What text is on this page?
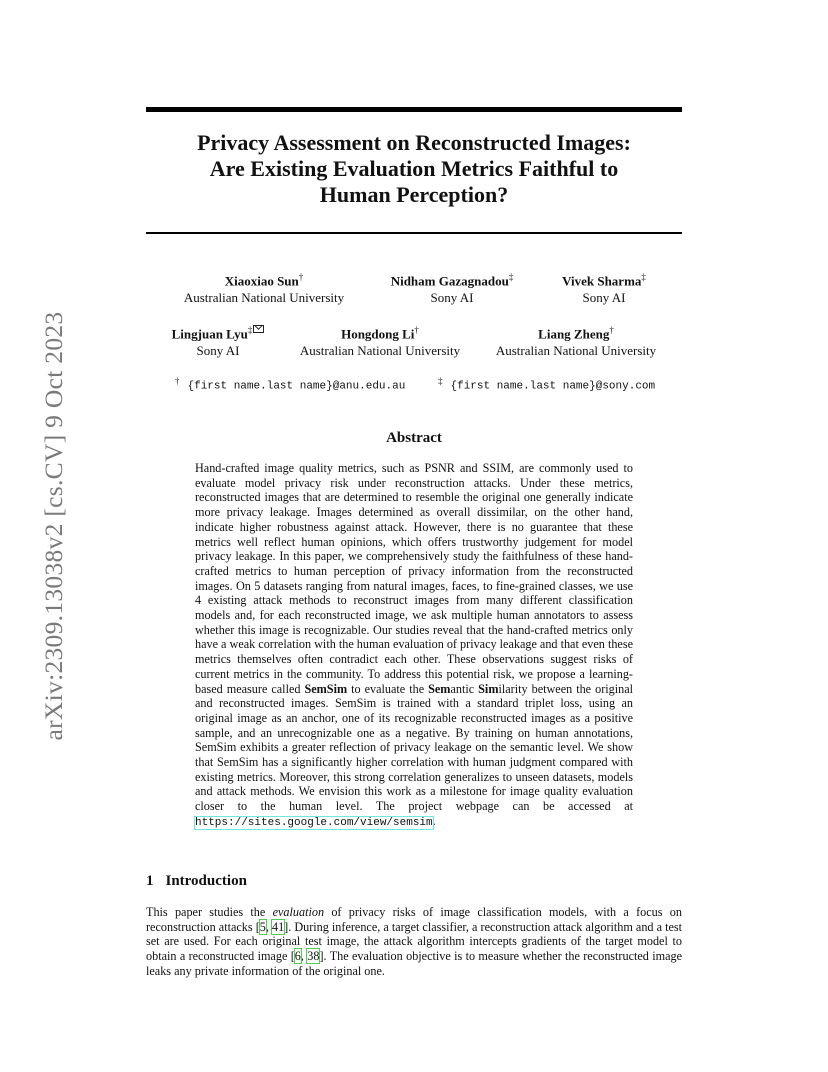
arXiv:2309.13038v2 [cs.CV] 9 Oct 2023
Privacy Assessment on Reconstructed Images:
Are Existing Evaluation Metrics Faithful to
Human Perception?
Xiaoxiao Sun†
Australian National University
Nidham Gazagnadou‡
Sony AI
Vivek Sharma‡
Sony AI
Lingjuan Lyu‡
Sony AI
Hongdong Li†
Australian National University
Liang Zheng†
Australian National University
† {first name.last name}@anu.edu.au	‡ {first name.last name}@sony.com
Abstract

Hand-crafted image quality metrics, such as PSNR and SSIM, are commonly used to evaluate model privacy risk under reconstruction attacks. Under these metrics, reconstructed images that are determined to resemble the original one generally indicate more privacy leakage. Images determined as overall dissimilar, on the other hand, indicate higher robustness against attack. However, there is no guarantee that these metrics well reflect human opinions, which offers trustworthy judgement for model privacy leakage. In this paper, we comprehensively study the faithfulness of these hand-crafted metrics to human perception of privacy information from the reconstructed images. On 5 datasets ranging from natural images, faces, to fine-grained classes, we use 4 existing attack methods to reconstruct images from many different classification models and, for each reconstructed image, we ask multiple human annotators to assess whether this image is recognizable. Our studies reveal that the hand-crafted metrics only have a weak correlation with the human evaluation of privacy leakage and that even these metrics themselves often contradict each other. These observations suggest risks of current metrics in the community. To address this potential risk, we propose a learning-based measure called SemSim to evaluate the Semantic Similarity between the original and reconstructed images. SemSim is trained with a standard triplet loss, using an original image as an anchor, one of its recognizable reconstructed images as a positive sample, and an unrecognizable one as a negative. By training on human annotations, SemSim exhibits a greater reflection of privacy leakage on the semantic level. We show that SemSim has a significantly higher correlation with human judgment compared with existing metrics. Moreover, this strong correlation generalizes to unseen datasets, models and attack methods. We envision this work as a milestone for image quality evaluation closer to the human level. The project webpage can be accessed at https://sites.google.com/view/semsim.

1 Introduction

This paper studies the evaluation of privacy risks of image classification models, with a focus on reconstruction attacks [5, 41]. During inference, a target classifier, a reconstruction attack algorithm and a test set are used. For each original test image, the attack algorithm intercepts gradients of the target model to obtain a reconstructed image [6, 38]. The evaluation objective is to measure whether the reconstructed image leaks any private information of the original one.
